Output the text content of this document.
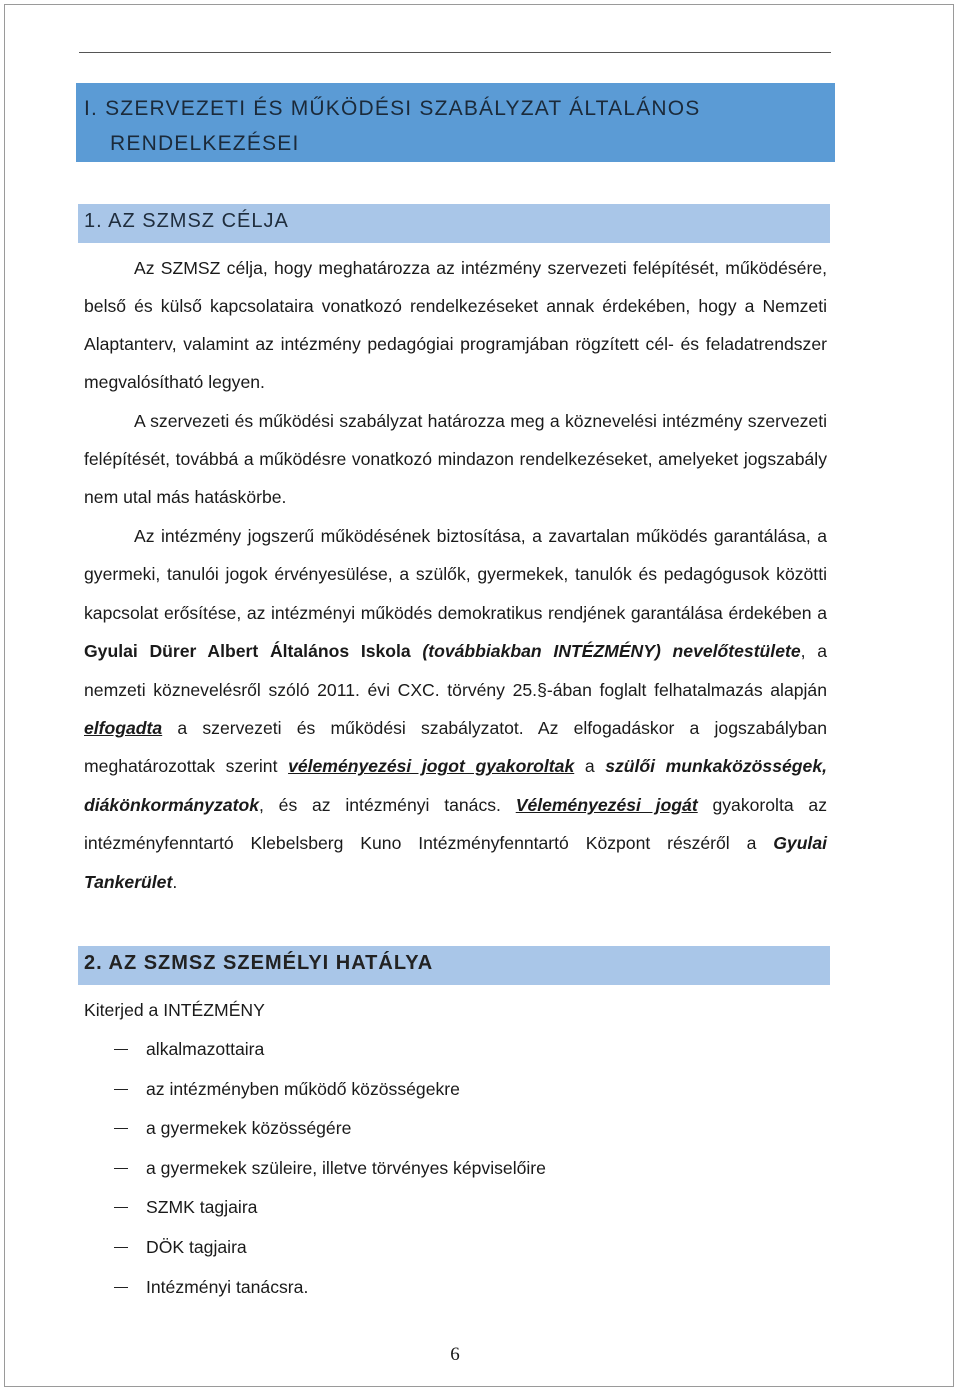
I. SZERVEZETI ÉS MŰKÖDÉSI SZABÁLYZAT ÁLTALÁNOS
RENDELKEZÉSEI
1. AZ SZMSZ CÉLJA

Az SZMSZ célja, hogy meghatározza az intézmény szervezeti felépítését, működésére, belső és külső kapcsolataira vonatkozó rendelkezéseket annak érdekében, hogy a Nemzeti Alaptanterv, valamint az intézmény pedagógiai programjában rögzített cél- és feladatrendszer megvalósítható legyen.

A szervezeti és működési szabályzat határozza meg a köznevelési intézmény szervezeti felépítését, továbbá a működésre vonatkozó mindazon rendelkezéseket, amelyeket jogszabály nem utal más hatáskörbe.

Az intézmény jogszerű működésének biztosítása, a zavartalan működés garantálása, a gyermeki, tanulói jogok érvényesülése, a szülők, gyermekek, tanulók és pedagógusok közötti kapcsolat erősítése, az intézményi működés demokratikus rendjének garantálása érdekében a Gyulai Dürer Albert Általános Iskola (továbbiakban INTÉZMÉNY) nevelőtestülete, a nemzeti köznevelésről szóló 2011. évi CXC. törvény 25.§-ában foglalt felhatalmazás alapján elfogadta a szervezeti és működési szabályzatot. Az elfogadáskor a jogszabályban meghatározottak szerint véleményezési jogot gyakoroltak a szülői munkaközösségek, diákönkormányzatok, és az intézményi tanács. Véleményezési jogát gyakorolta az intézményfenntartó Klebelsberg Kuno Intézményfenntartó Központ részéről a Gyulai Tankerület.

2. AZ SZMSZ SZEMÉLYI HATÁLYA
Kiterjed a INTÉZMÉNY
alkalmazottaira
az intézményben működő közösségekre
a gyermekek közösségére
a gyermekek szüleire, illetve törvényes képviselőire
SZMK tagjaira
DÖK tagjaira
Intézményi tanácsra.
6
